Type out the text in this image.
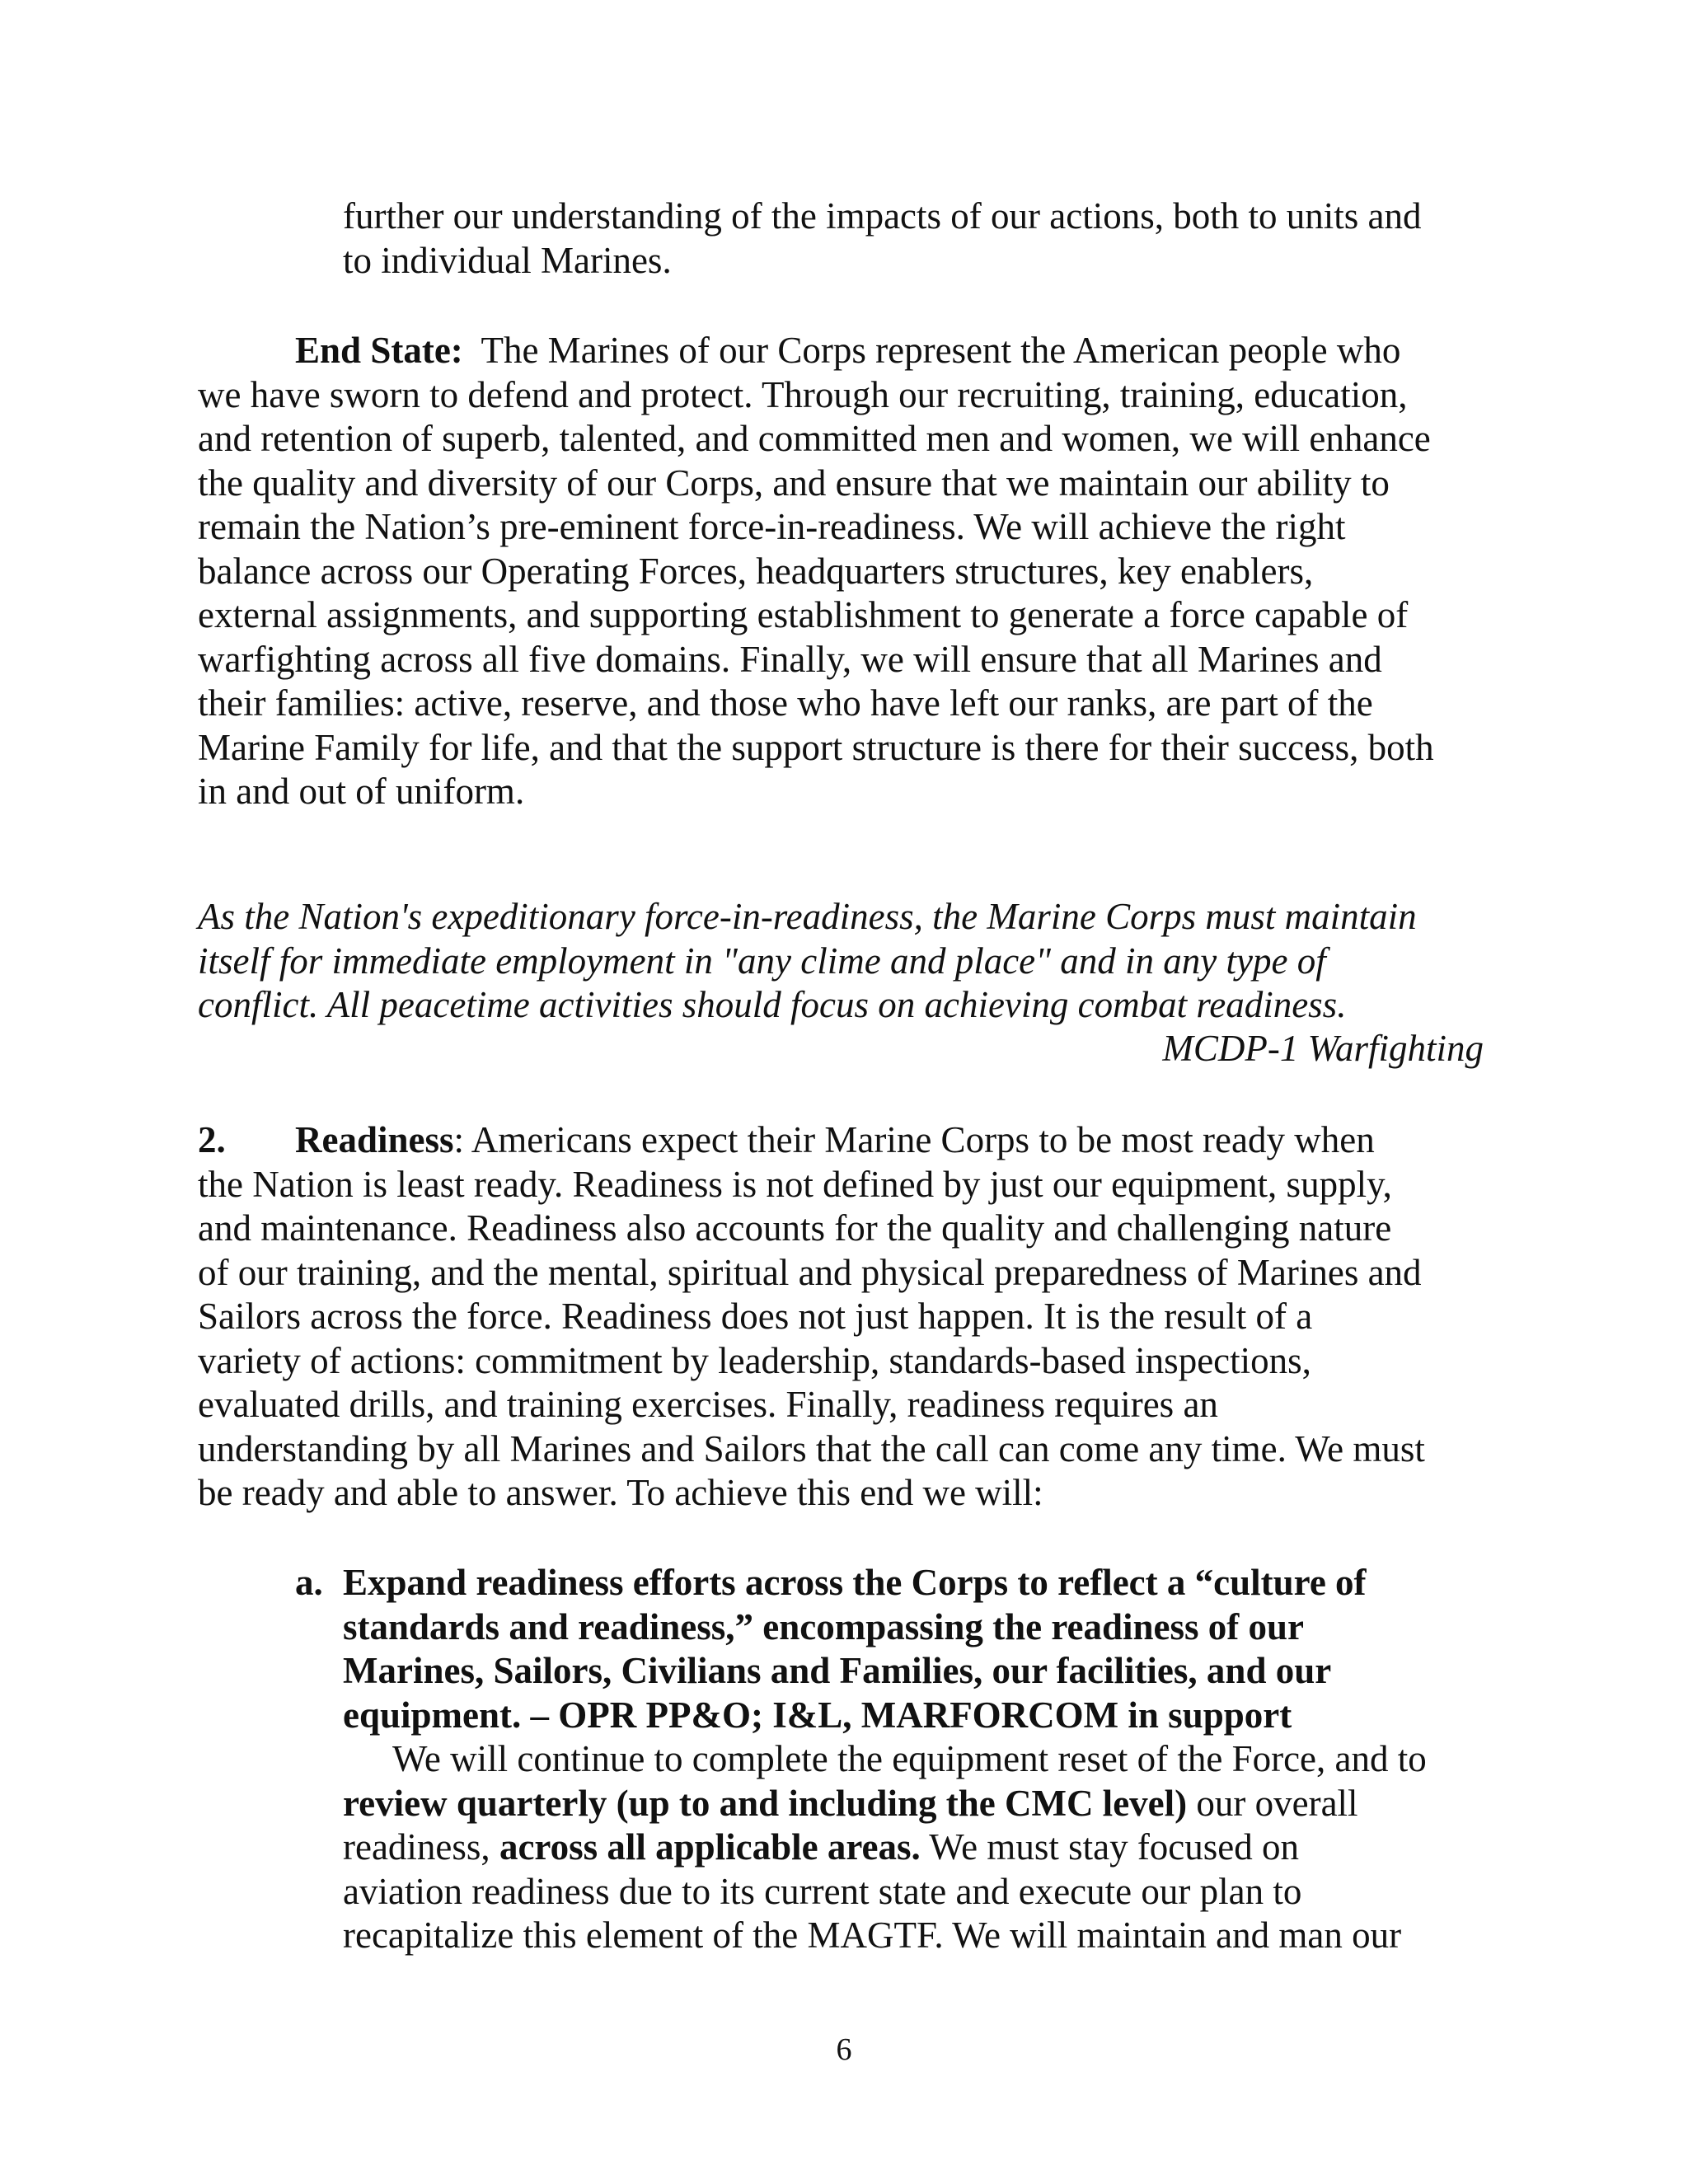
further our understanding of the impacts of our actions, both to units and
to individual Marines.
End State: The Marines of our Corps represent the American people who
we have sworn to defend and protect. Through our recruiting, training, education,
and retention of superb, talented, and committed men and women, we will enhance
the quality and diversity of our Corps, and ensure that we maintain our ability to
remain the Nation’s pre-eminent force-in-readiness. We will achieve the right
balance across our Operating Forces, headquarters structures, key enablers,
external assignments, and supporting establishment to generate a force capable of
warfighting across all five domains. Finally, we will ensure that all Marines and
their families: active, reserve, and those who have left our ranks, are part of the
Marine Family for life, and that the support structure is there for their success, both
in and out of uniform.
As the Nation's expeditionary force-in-readiness, the Marine Corps must maintain
itself for immediate employment in "any clime and place" and in any type of
conflict. All peacetime activities should focus on achieving combat readiness.
MCDP-1 Warfighting
2. Readiness: Americans expect their Marine Corps to be most ready when
the Nation is least ready. Readiness is not defined by just our equipment, supply,
and maintenance. Readiness also accounts for the quality and challenging nature
of our training, and the mental, spiritual and physical preparedness of Marines and
Sailors across the force. Readiness does not just happen. It is the result of a
variety of actions: commitment by leadership, standards-based inspections,
evaluated drills, and training exercises. Finally, readiness requires an
understanding by all Marines and Sailors that the call can come any time. We must
be ready and able to answer. To achieve this end we will:
a. Expand readiness efforts across the Corps to reflect a “culture of
standards and readiness,” encompassing the readiness of our
Marines, Sailors, Civilians and Families, our facilities, and our
equipment. – OPR PP&O; I&L, MARFORCOM in support
We will continue to complete the equipment reset of the Force, and to
review quarterly (up to and including the CMC level) our overall
readiness, across all applicable areas. We must stay focused on
aviation readiness due to its current state and execute our plan to
recapitalize this element of the MAGTF. We will maintain and man our
6
